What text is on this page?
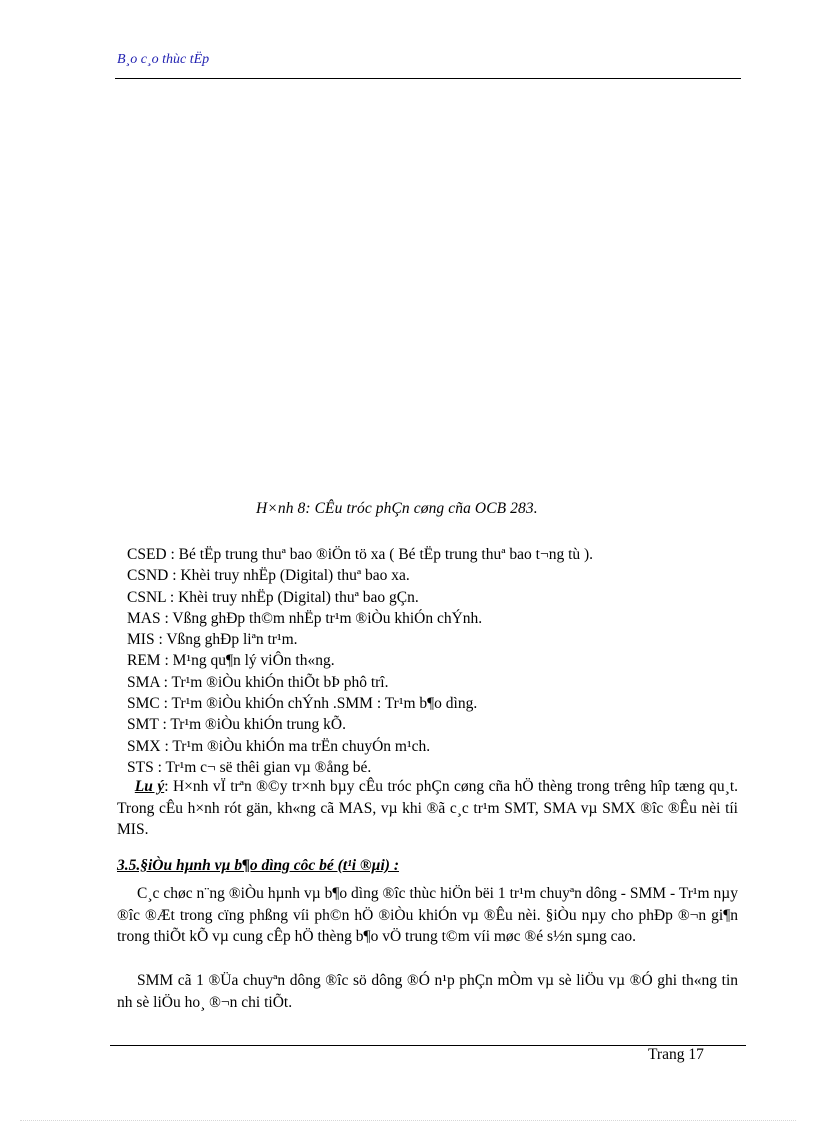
B¸o c¸o thùc tËp
H×nh 8: CÊu tróc phÇn cøng cña OCB 283.
CSED : Bé tËp trung thuª bao ®iÖn tö xa ( Bé tËp trung thuª bao t¬ng tù ).
CSND : Khèi truy nhËp (Digital) thuª bao xa.
CSNL : Khèi truy nhËp (Digital) thuª bao gÇn.
MAS : Vßng ghÐp th©m nhËp tr¹m ®iÒu khiÓn chÝnh.
MIS : Vßng ghÐp liªn tr¹m.
REM : M¹ng qu¶n lý viÔn th«ng.
SMA : Tr¹m ®iÒu khiÓn thiÕt bÞ phô trî.
SMC : Tr¹m ®iÒu khiÓn chÝnh .SMM : Tr¹m b¶o dìng.
SMT : Tr¹m ®iÒu khiÓn trung kÕ.
SMX : Tr¹m ®iÒu khiÓn ma trËn chuyÓn m¹ch.
STS : Tr¹m c¬ së thêi gian vµ ®ång bé.
Lu ý: H×nh vÏ trªn ®©y tr×nh bµy cÊu tróc phÇn cøng cña hÖ thèng trong trêng hîp tæng qu¸t. Trong cÊu h×nh rót gän, kh«ng cã MAS, vµ khi ®ã c¸c tr¹m SMT, SMA vµ SMX ®îc ®Êu nèi tíi MIS.
3.5.§iÒu hµnh vµ b¶o dìng côc bé (t¹i ®µi) :
C¸c chøc n¨ng ®iÒu hµnh vµ b¶o dìng ®îc thùc hiÖn bëi 1 tr¹m chuyªn dông - SMM - Tr¹m nµy ®îc ®Æt trong cïng phßng víi ph©n hÖ ®iÒu khiÓn vµ ®Êu nèi. §iÒu nµy cho phÐp ®¬n gi¶n trong thiÕt kÕ vµ cung cÊp hÖ thèng b¶o vÖ trung t©m víi møc ®é s½n sµng cao.
SMM cã 1 ®Üa chuyªn dông ®îc sö dông ®Ó n¹p phÇn mÒm vµ sè liÖu vµ ®Ó ghi th«ng tin nh sè liÖu ho¸ ®¬n chi tiÕt.
Trang 17
